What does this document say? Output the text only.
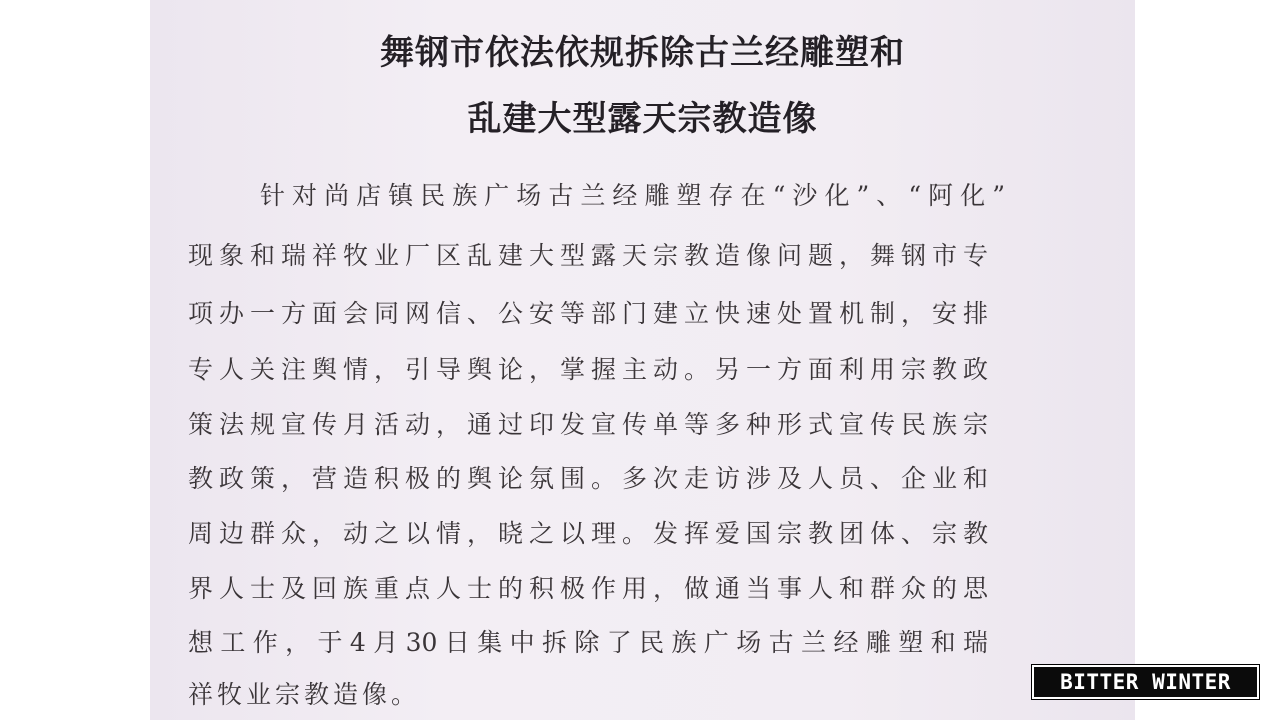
舞钢市依法依规拆除古兰经雕塑和
乱建大型露天宗教造像
针对尚店镇民族广场古兰经雕塑存在“沙化”、“阿化”
现象和瑞祥牧业厂区乱建大型露天宗教造像问题，舞钢市专
项办一方面会同网信、公安等部门建立快速处置机制，安排
专人关注舆情，引导舆论，掌握主动。另一方面利用宗教政
策法规宣传月活动，通过印发宣传单等多种形式宣传民族宗
教政策，营造积极的舆论氛围。多次走访涉及人员、企业和
周边群众，动之以情，晓之以理。发挥爱国宗教团体、宗教
界人士及回族重点人士的积极作用，做通当事人和群众的思
想工作，于4月30日集中拆除了民族广场古兰经雕塑和瑞
祥牧业宗教造像。	BITTER WINTER
